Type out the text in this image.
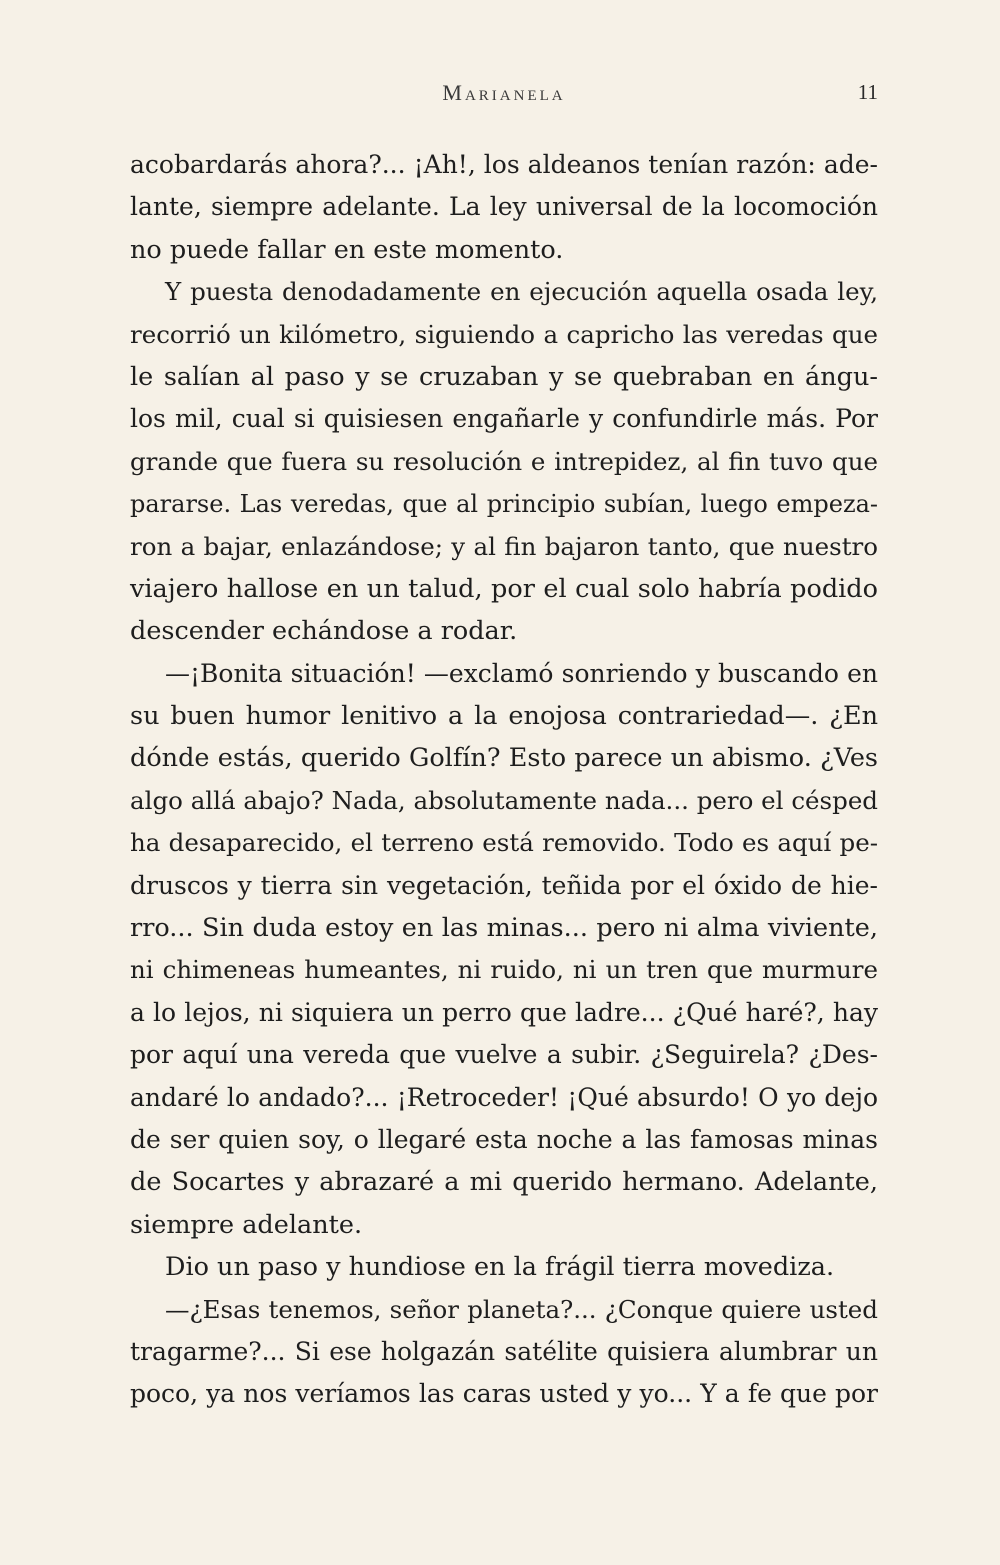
Marianela	11
acobardarás ahora?... ¡Ah!, los aldeanos tenían razón: ade-
lante, siempre adelante. La ley universal de la locomoción
no puede fallar en este momento.
Y puesta denodadamente en ejecución aquella osada ley,
recorrió un kilómetro, siguiendo a capricho las veredas que
le salían al paso y se cruzaban y se quebraban en ángu-
los mil, cual si quisiesen engañarle y confundirle más. Por
grande que fuera su resolución e intrepidez, al fin tuvo que
pararse. Las veredas, que al principio subían, luego empeza-
ron a bajar, enlazándose; y al fin bajaron tanto, que nuestro
viajero hallose en un talud, por el cual solo habría podido
descender echándose a rodar.
—¡Bonita situación! —exclamó sonriendo y buscando en
su buen humor lenitivo a la enojosa contrariedad—. ¿En
dónde estás, querido Golfín? Esto parece un abismo. ¿Ves
algo allá abajo? Nada, absolutamente nada... pero el césped
ha desaparecido, el terreno está removido. Todo es aquí pe-
druscos y tierra sin vegetación, teñida por el óxido de hie-
rro... Sin duda estoy en las minas... pero ni alma viviente,
ni chimeneas humeantes, ni ruido, ni un tren que murmure
a lo lejos, ni siquiera un perro que ladre... ¿Qué haré?, hay
por aquí una vereda que vuelve a subir. ¿Seguirela? ¿Des-
andaré lo andado?... ¡Retroceder! ¡Qué absurdo! O yo dejo
de ser quien soy, o llegaré esta noche a las famosas minas
de Socartes y abrazaré a mi querido hermano. Adelante,
siempre adelante.
Dio un paso y hundiose en la frágil tierra movediza.
—¿Esas tenemos, señor planeta?... ¿Conque quiere usted
tragarme?... Si ese holgazán satélite quisiera alumbrar un
poco, ya nos veríamos las caras usted y yo... Y a fe que por
